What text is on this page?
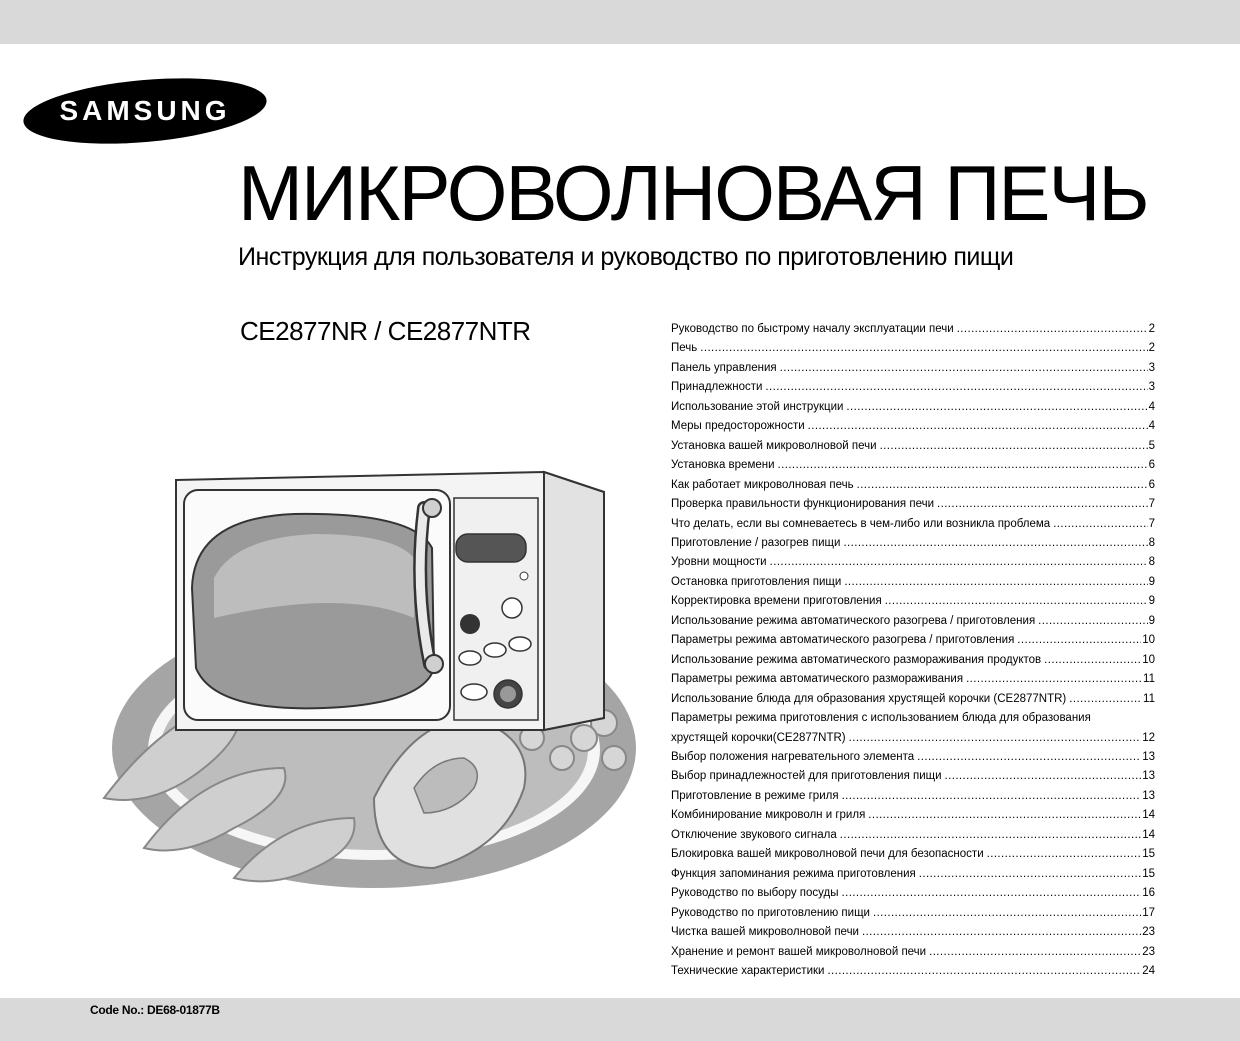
SAMSUNG
МИКРОВОЛНОВАЯ ПЕЧЬ
Инструкция для пользователя и руководство по приготовлению пищи
CE2877NR / CE2877NTR	Руководство по быстрому началу эксплуатации печи .....	2
Печь .....	2
Панель управления .....	3
Принадлежности .....	3
Использование этой инструкции .....	4
Меры предосторожности .....	4
Установка вашей микроволновой печи .....	5
Установка времени .....	6
Как работает микроволновая печь .....	6
Проверка правильности функционирования печи .....	7
Что делать, если вы сомневаетесь в чем-либо или возникла проблема .....	7
Приготовление / разогрев пищи .....	8
Уровни мощности .....	8
Остановка приготовления пищи .....	9
Корректировка времени приготовления .....	9
Использование режима автоматического разогрева / приготовления .....	9
Параметры режима автоматического разогрева / приготовления .....	10
Использование режима автоматического размораживания продуктов .....	10
Параметры режима автоматического размораживания .....	11
Использование блюда для образования хрустящей корочки (CE2877NTR) .....	11
Параметры режима приготовления с использованием блюда для образования
хрустящей корочки(CE2877NTR) .....	12
Выбор положения нагревательного элемента .....	13
Выбор принадлежностей для приготовления пищи .....	13
Приготовление в режиме гриля .....	13
Комбинирование микроволн и гриля .....	14
Отключение звукового сигнала .....	14
Блокировка вашей микроволновой печи для безопасности .....	15
Функция запоминания режима приготовления .....	15
Руководство по выбору посуды .....	16
Руководство по приготовлению пищи .....	17
Чистка вашей микроволновой печи .....	23
Хранение и ремонт вашей микроволновой печи .....	23
Технические характеристики .....	24
Code No.: DE68-01877B
